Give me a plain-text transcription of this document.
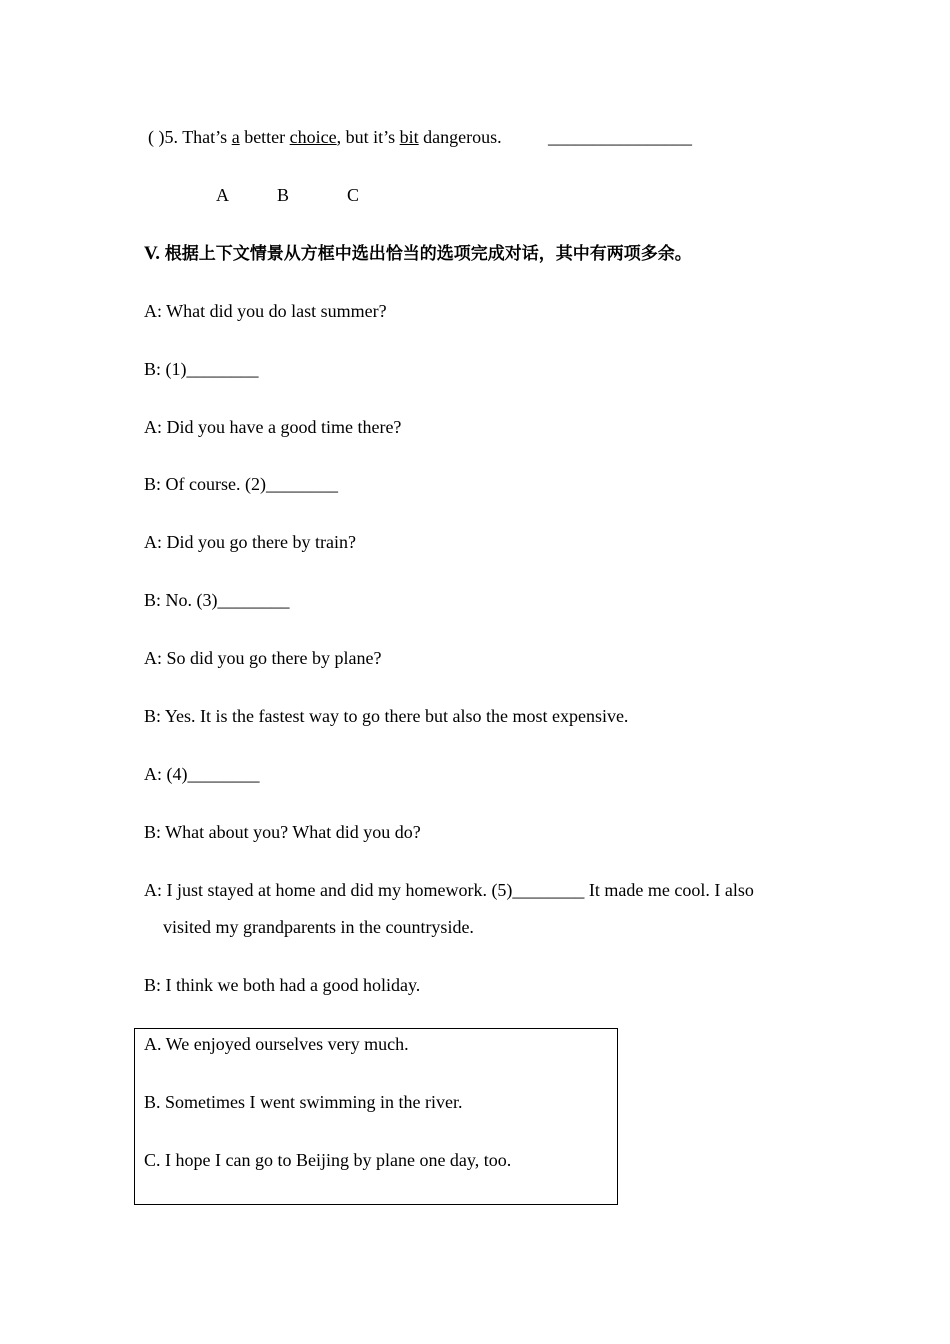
( )5. That’s a better choice, but it’s bit dangerous.	________________
A	B	C
V. 根据上下文情景从方框中选出恰当的选项完成对话，其中有两项多余。
A: What did you do last summer?
B: (1)________
A: Did you have a good time there?
B: Of course. (2)________
A: Did you go there by train?
B: No. (3)________
A: So did you go there by plane?
B: Yes. It is the fastest way to go there but also the most expensive.
A: (4)________
B: What about you? What did you do?
A: I just stayed at home and did my homework. (5)________ It made me cool. I also
visited my grandparents in the countryside.
B: I think we both had a good holiday.
A. We enjoyed ourselves very much.
B. Sometimes I went swimming in the river.
C. I hope I can go to Beijing by plane one day, too.
